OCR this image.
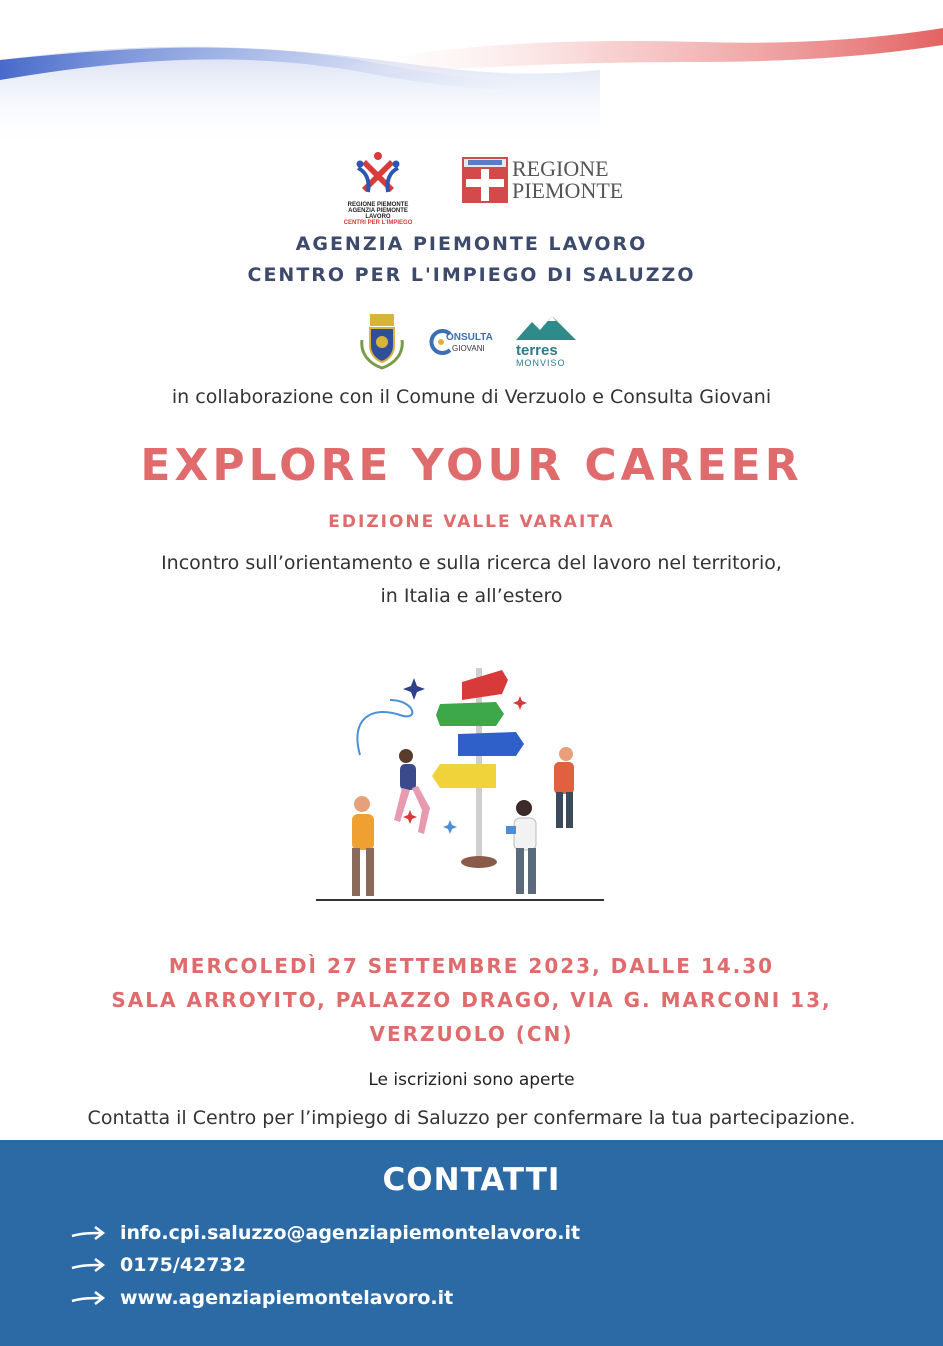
REGIONE PIEMONTE
AGENZIA PIEMONTE LAVORO
CENTRI PER L'IMPIEGO
REGIONE
PIEMONTE
AGENZIA PIEMONTE LAVORO
CENTRO PER L'IMPIEGO DI SALUZZO
ONSULTA
GIOVANI terres
MONVISO
in collaborazione con il Comune di Verzuolo e Consulta Giovani
EXPLORE YOUR CAREER
EDIZIONE VALLE VARAITA
Incontro sull’orientamento e sulla ricerca del lavoro nel territorio,
in Italia e all’estero
MERCOLEDÌ 27 SETTEMBRE 2023, DALLE 14.30
SALA ARROYITO, PALAZZO DRAGO, VIA G. MARCONI 13,
VERZUOLO (CN)
Le iscrizioni sono aperte
Contatta il Centro per l’impiego di Saluzzo per confermare la tua partecipazione.
CONTATTI
info.cpi.saluzzo@agenziapiemontelavoro.it
0175/42732
www.agenziapiemontelavoro.it
